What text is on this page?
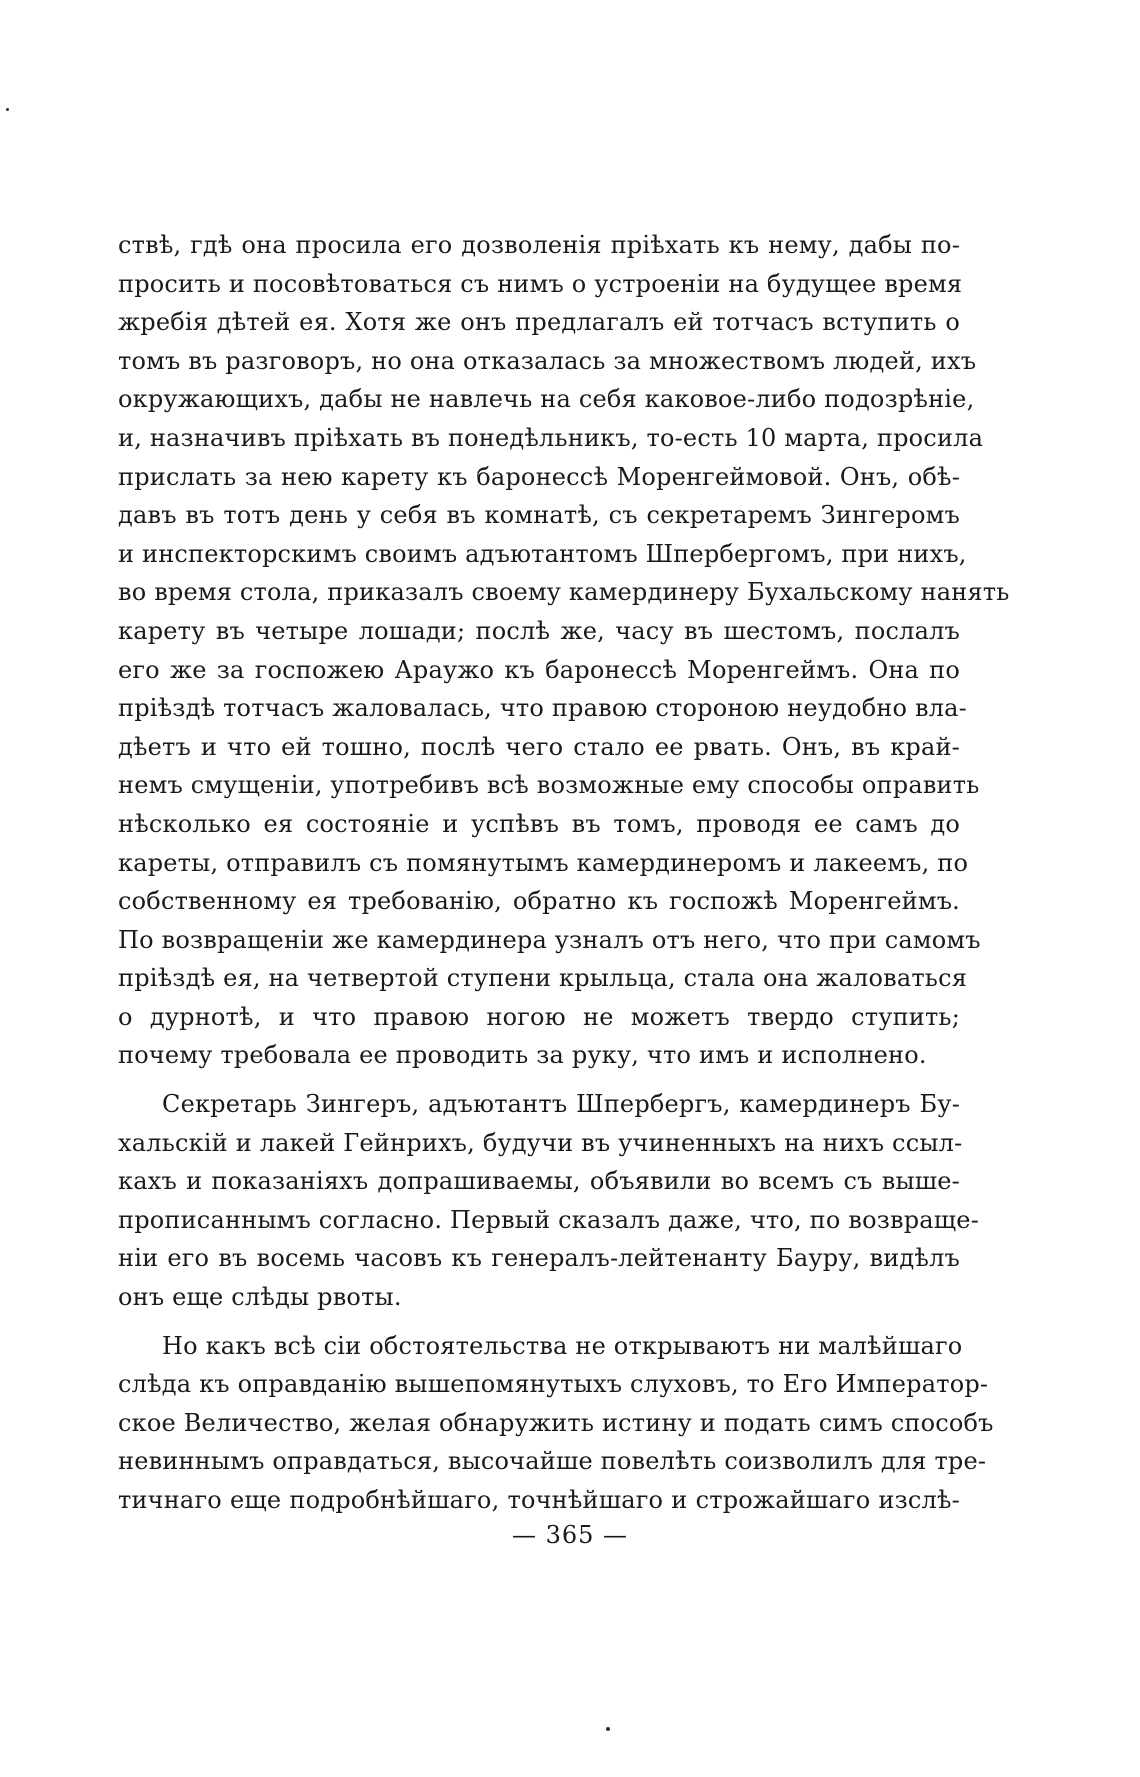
ствѣ, гдѣ она просила его дозволенія пріѣхать къ нему, дабы по-
просить и посовѣтоваться съ нимъ о устроеніи на будущее время
жребія дѣтей ея. Хотя же онъ предлагалъ ей тотчасъ вступить о
томъ въ разговоръ, но она отказалась за множествомъ людей, ихъ
окружающихъ, дабы не навлечь на себя каковое-либо подозрѣніе,
и, назначивъ пріѣхать въ понедѣльникъ, то-есть 10 марта, просила
прислать за нею карету къ баронессѣ Моренгеймовой. Онъ, обѣ-
давъ въ тотъ день у себя въ комнатѣ, съ секретаремъ Зингеромъ
и инспекторскимъ своимъ адъютантомъ Шпербергомъ, при нихъ,
во время стола, приказалъ своему камердинеру Бухальскому нанять
карету въ четыре лошади; послѣ же, часу въ шестомъ, послалъ
его же за госпожею Араужо къ баронессѣ Моренгеймъ. Она по
пріѣздѣ тотчасъ жаловалась, что правою стороною неудобно вла-
дѣетъ и что ей тошно, послѣ чего стало ее рвать. Онъ, въ край-
немъ смущеніи, употребивъ всѣ возможные ему способы оправить
нѣсколько ея состояніе и успѣвъ въ томъ, проводя ее самъ до
кареты, отправилъ съ помянутымъ камердинеромъ и лакеемъ, по
собственному ея требованію, обратно къ госпожѣ Моренгеймъ.
По возвращеніи же камердинера узналъ отъ него, что при самомъ
пріѣздѣ ея, на четвертой ступени крыльца, стала она жаловаться
о дурнотѣ, и что правою ногою не можетъ твердо ступить;
почему требовала ее проводить за руку, что имъ и исполнено.
Секретарь Зингеръ, адъютантъ Шпербергъ, камердинеръ Бу-
хальскій и лакей Гейнрихъ, будучи въ учиненныхъ на нихъ ссыл-
кахъ и показаніяхъ допрашиваемы, объявили во всемъ съ выше-
прописаннымъ согласно. Первый сказалъ даже, что, по возвраще-
ніи его въ восемь часовъ къ генералъ-лейтенанту Бауру, видѣлъ
онъ еще слѣды рвоты.
Но какъ всѣ сіи обстоятельства не открываютъ ни малѣйшаго
слѣда къ оправданію вышепомянутыхъ слуховъ, то Его Император-
ское Величество, желая обнаружить истину и подать симъ способъ
невиннымъ оправдаться, высочайше повелѣть соизволилъ для тре-
тичнаго еще подробнѣйшаго, точнѣйшаго и строжайшаго изслѣ-
— 365 —
